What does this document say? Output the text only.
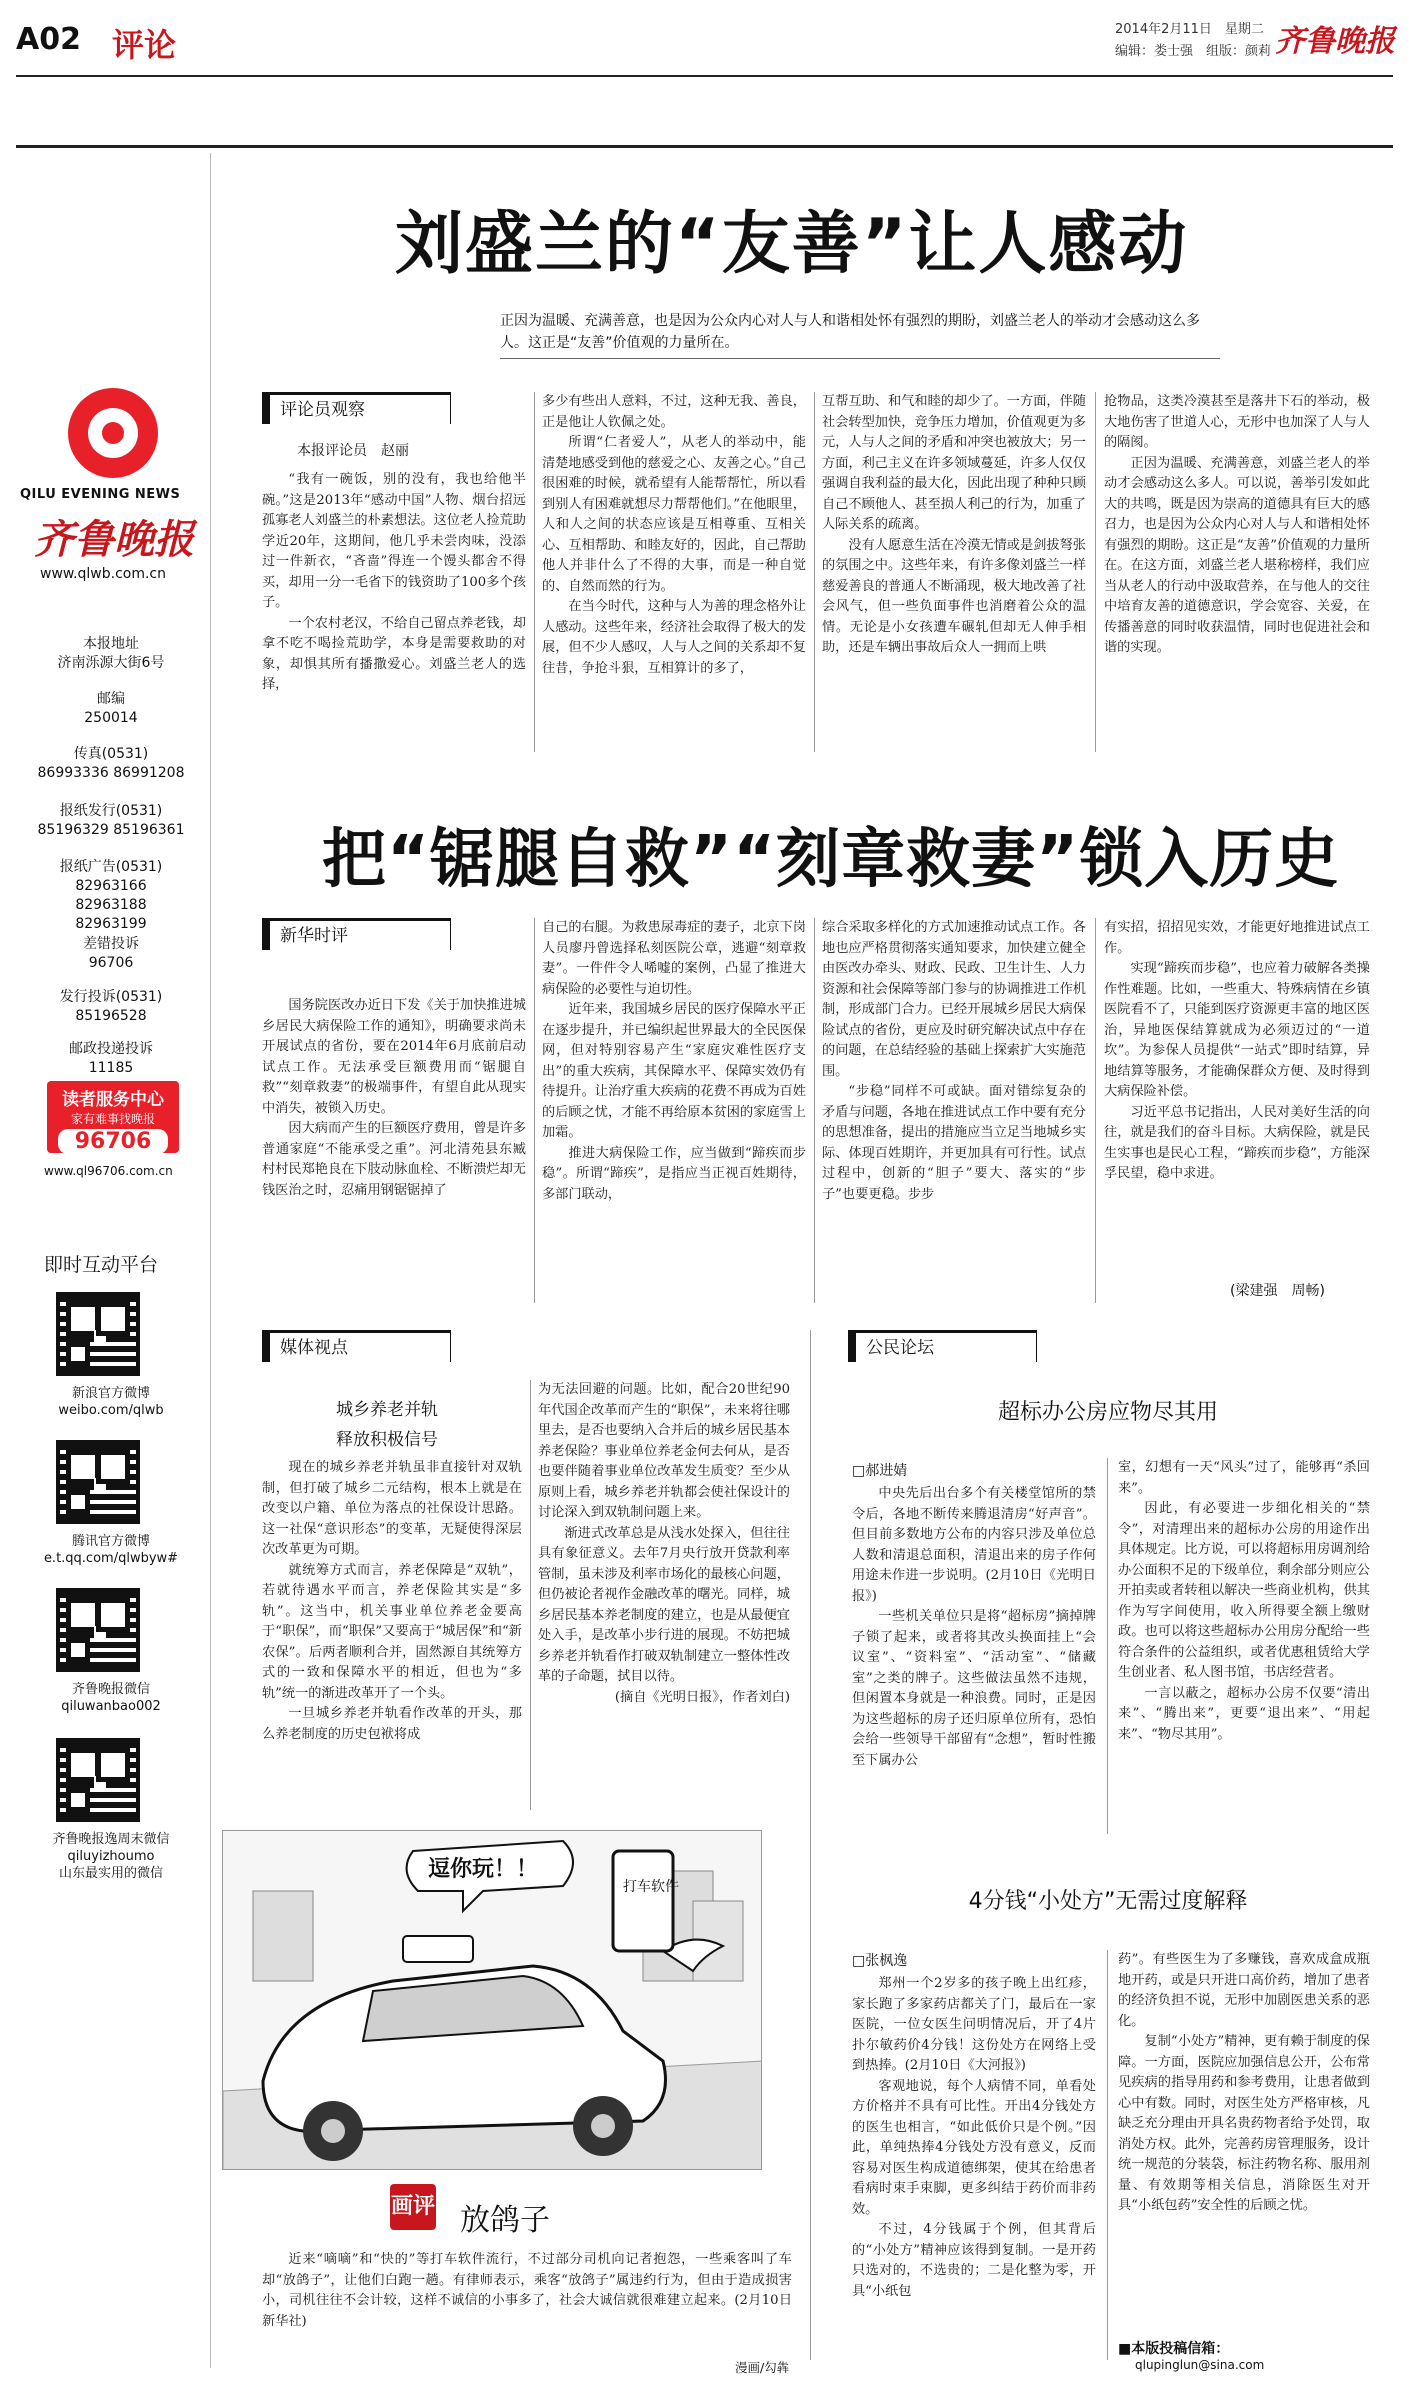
A02 评论	2014年2月11日　星期二
编辑：娄士强　组版：颜莉 齐鲁晚报
QILU EVENING NEWS
齐鲁晚报
www.qlwb.com.cn
本报地址
济南泺源大街6号
邮编
250014
传真(0531)
86993336 86991208
报纸发行(0531)
85196329 85196361
报纸广告(0531)
82963166 82963188 82963199
差错投诉
96706
发行投诉(0531)
85196528
邮政投递投诉
11185
读者服务中心
家有难事找晚报
96706
www.ql96706.com.cn
即时互动平台
新浪官方微博
weibo.com/qlwb
腾讯官方微博
e.t.qq.com/qlwbyw#
齐鲁晚报微信
qiluwanbao002
齐鲁晚报逸周末微信
qiluyizhoumo
山东最实用的微信
刘盛兰的“友善”让人感动
正因为温暖、充满善意，也是因为公众内心对人与人和谐相处怀有强烈的期盼，刘盛兰老人的举动才会感动这么多人。这正是“友善”价值观的力量所在。
评论员观察
本报评论员　赵丽

“我有一碗饭，别的没有，我也给他半碗。”这是2013年“感动中国”人物、烟台招远孤寡老人刘盛兰的朴素想法。这位老人捡荒助学近20年，这期间，他几乎未尝肉味，没添过一件新衣，“吝啬”得连一个馒头都舍不得买，却用一分一毛省下的钱资助了100多个孩子。

一个农村老汉，不给自己留点养老钱，却拿不吃不喝捡荒助学，本身是需要救助的对象，却惧其所有播撒爱心。刘盛兰老人的选择，

多少有些出人意料，不过，这种无我、善良，正是他让人钦佩之处。

所谓“仁者爱人”，从老人的举动中，能清楚地感受到他的慈爱之心、友善之心。”自己很困难的时候，就希望有人能帮帮忙，所以看到别人有困难就想尽力帮帮他们。”在他眼里，人和人之间的状态应该是互相尊重、互相关心、互相帮助、和睦友好的，因此，自己帮助他人并非什么了不得的大事，而是一种自觉的、自然而然的行为。

在当今时代，这种与人为善的理念格外让人感动。这些年来，经济社会取得了极大的发展，但不少人感叹，人与人之间的关系却不复往昔，争抢斗狠，互相算计的多了，

互帮互助、和气和睦的却少了。一方面，伴随社会转型加快，竞争压力增加，价值观更为多元，人与人之间的矛盾和冲突也被放大；另一方面，利己主义在许多领域蔓延，许多人仅仅强调自我利益的最大化，因此出现了种种只顾自己不顾他人、甚至损人利己的行为，加重了人际关系的疏离。

没有人愿意生活在冷漠无情或是剑拔弩张的氛围之中。这些年来，有许多像刘盛兰一样慈爱善良的普通人不断涌现，极大地改善了社会风气，但一些负面事件也消磨着公众的温情。无论是小女孩遭车碾轧但却无人伸手相助，还是车辆出事故后众人一拥而上哄

抢物品，这类冷漠甚至是落井下石的举动，极大地伤害了世道人心，无形中也加深了人与人的隔阂。

正因为温暖、充满善意，刘盛兰老人的举动才会感动这么多人。可以说，善举引发如此大的共鸣，既是因为崇高的道德具有巨大的感召力，也是因为公众内心对人与人和谐相处怀有强烈的期盼。这正是“友善”价值观的力量所在。在这方面，刘盛兰老人堪称榜样，我们应当从老人的行动中汲取营养，在与他人的交往中培育友善的道德意识，学会宽容、关爱，在传播善意的同时收获温情，同时也促进社会和谐的实现。

把“锯腿自救”“刻章救妻”锁入历史
新华时评

国务院医改办近日下发《关于加快推进城乡居民大病保险工作的通知》，明确要求尚未开展试点的省份，要在2014年6月底前启动试点工作。无法承受巨额费用而“锯腿自救”“刻章救妻”的极端事件，有望自此从现实中消失，被锁入历史。

因大病而产生的巨额医疗费用，曾是许多普通家庭“不能承受之重”。河北清苑县东臧村村民郑艳良在下肢动脉血栓、不断溃烂却无钱医治之时，忍痛用钢锯锯掉了

自己的右腿。为救患尿毒症的妻子，北京下岗人员廖丹曾选择私刻医院公章，逃避“刻章救妻”。一件件令人唏嘘的案例，凸显了推进大病保险的必要性与迫切性。

近年来，我国城乡居民的医疗保障水平正在逐步提升，并已编织起世界最大的全民医保网，但对特别容易产生“家庭灾难性医疗支出”的重大疾病，其保障水平、保障实效仍有待提升。让治疗重大疾病的花费不再成为百姓的后顾之忧，才能不再给原本贫困的家庭雪上加霜。

推进大病保险工作，应当做到“蹄疾而步稳”。所谓“蹄疾”，是指应当正视百姓期待，多部门联动，

综合采取多样化的方式加速推动试点工作。各地也应严格贯彻落实通知要求，加快建立健全由医改办牵头、财政、民政、卫生计生、人力资源和社会保障等部门参与的协调推进工作机制，形成部门合力。已经开展城乡居民大病保险试点的省份，更应及时研究解决试点中存在的问题，在总结经验的基础上探索扩大实施范围。

“步稳”同样不可或缺。面对错综复杂的矛盾与问题，各地在推进试点工作中要有充分的思想准备，提出的措施应当立足当地城乡实际、体现百姓期许，并更加具有可行性。试点过程中，创新的“胆子”要大、落实的“步子”也要更稳。步步

有实招，招招见实效，才能更好地推进试点工作。

实现“蹄疾而步稳”，也应着力破解各类操作性难题。比如，一些重大、特殊病情在乡镇医院看不了，只能到医疗资源更丰富的地区医治，异地医保结算就成为必须迈过的“一道坎”。为参保人员提供“一站式”即时结算，异地结算等服务，才能确保群众方便、及时得到大病保险补偿。

习近平总书记指出，人民对美好生活的向往，就是我们的奋斗目标。大病保险，就是民生实事也是民心工程，“蹄疾而步稳”，方能深孚民望，稳中求进。

(梁建强　周畅)
媒体视点
城乡养老并轨
释放积极信号

现在的城乡养老并轨虽非直接针对双轨制，但打破了城乡二元结构，根本上就是在改变以户籍、单位为落点的社保设计思路。这一社保“意识形态”的变革，无疑使得深层次改革更为可期。

就统筹方式而言，养老保障是“双轨”，若就待遇水平而言，养老保险其实是“多轨”。这当中，机关事业单位养老金要高于“职保”，而“职保”又要高于“城居保”和“新农保”。后两者顺利合并，固然源自其统筹方式的一致和保障水平的相近，但也为“多轨”统一的渐进改革开了一个头。

一旦城乡养老并轨看作改革的开头，那么养老制度的历史包袱将成

为无法回避的问题。比如，配合20世纪90年代国企改革而产生的“职保”，未来将往哪里去，是否也要纳入合并后的城乡居民基本养老保险？事业单位养老金何去何从，是否也要伴随着事业单位改革发生质变？至少从原则上看，城乡养老并轨都会使社保设计的讨论深入到双轨制问题上来。

渐进式改革总是从浅水处探入，但往往具有象征意义。去年7月央行放开贷款利率管制，虽未涉及利率市场化的最核心问题，但仍被论者视作金融改革的曙光。同样，城乡居民基本养老制度的建立，也是从最便宜处入手，是改革小步行进的展现。不妨把城乡养老并轨看作打破双轨制建立一整体性改革的子命题，拭目以待。

(摘自《光明日报》，作者刘白)

逗你玩！！
打车软件
画评 放鸽子

近来“嘀嘀”和“快的”等打车软件流行，不过部分司机向记者抱怨，一些乘客叫了车却“放鸽子”，让他们白跑一趟。有律师表示，乘客“放鸽子”属违约行为，但由于造成损害小，司机往往不会计较，这样不诚信的小事多了，社会大诚信就很难建立起来。(2月10日新华社)

漫画/勾犇
公民论坛
超标办公房应物尽其用
□郝进婧

中央先后出台多个有关楼堂馆所的禁令后，各地不断传来腾退清房“好声音”。但目前多数地方公布的内容只涉及单位总人数和清退总面积，清退出来的房子作何用途未作进一步说明。(2月10日《光明日报》)

一些机关单位只是将“超标房”摘掉牌子锁了起来，或者将其改头换面挂上“会议室”、“资料室”、“活动室”、“储藏室”之类的牌子。这些做法虽然不违规，但闲置本身就是一种浪费。同时，正是因为这些超标的房子还归原单位所有，恐怕会给一些领导干部留有“念想”，暂时性搬至下属办公

室，幻想有一天“风头”过了，能够再“杀回来”。

因此，有必要进一步细化相关的“禁令”，对清理出来的超标办公房的用途作出具体规定。比方说，可以将超标用房调剂给办公面积不足的下级单位，剩余部分则应公开拍卖或者转租以解决一些商业机构，供其作为写字间使用，收入所得要全额上缴财政。也可以将这些超标办公用房分配给一些符合条件的公益组织，或者优惠租赁给大学生创业者、私人图书馆，书店经营者。

一言以蔽之，超标办公房不仅要“清出来”、“腾出来”，更要“退出来”、“用起来”、“物尽其用”。

4分钱“小处方”无需过度解释
□张枫逸

郑州一个2岁多的孩子晚上出红疹，家长跑了多家药店都关了门，最后在一家医院，一位女医生问明情况后，开了4片扑尔敏药价4分钱！这份处方在网络上受到热捧。(2月10日《大河报》)

客观地说，每个人病情不同，单看处方价格并不具有可比性。开出4分钱处方的医生也相言，“如此低价只是个例。”因此，单纯热捧4分钱处方没有意义，反而容易对医生构成道德绑架，使其在给患者看病时束手束脚，更多纠结于药价而非药效。

不过，4分钱属于个例，但其背后的“小处方”精神应该得到复制。一是开药只选对的，不选贵的；二是化整为零，开具“小纸包

药”。有些医生为了多赚钱，喜欢成盒成瓶地开药，或是只开进口高价药，增加了患者的经济负担不说，无形中加剧医患关系的恶化。

复制“小处方”精神，更有赖于制度的保障。一方面，医院应加强信息公开，公布常见疾病的指导用药和参考费用，让患者做到心中有数。同时，对医生处方严格审核，凡缺乏充分理由开具名贵药物者给予处罚，取消处方权。此外，完善药房管理服务，设计统一规范的分装袋，标注药物名称、服用剂量、有效期等相关信息，消除医生对开具“小纸包药”安全性的后顾之忧。

■本版投稿信箱：
qlupinglun@sina.com
